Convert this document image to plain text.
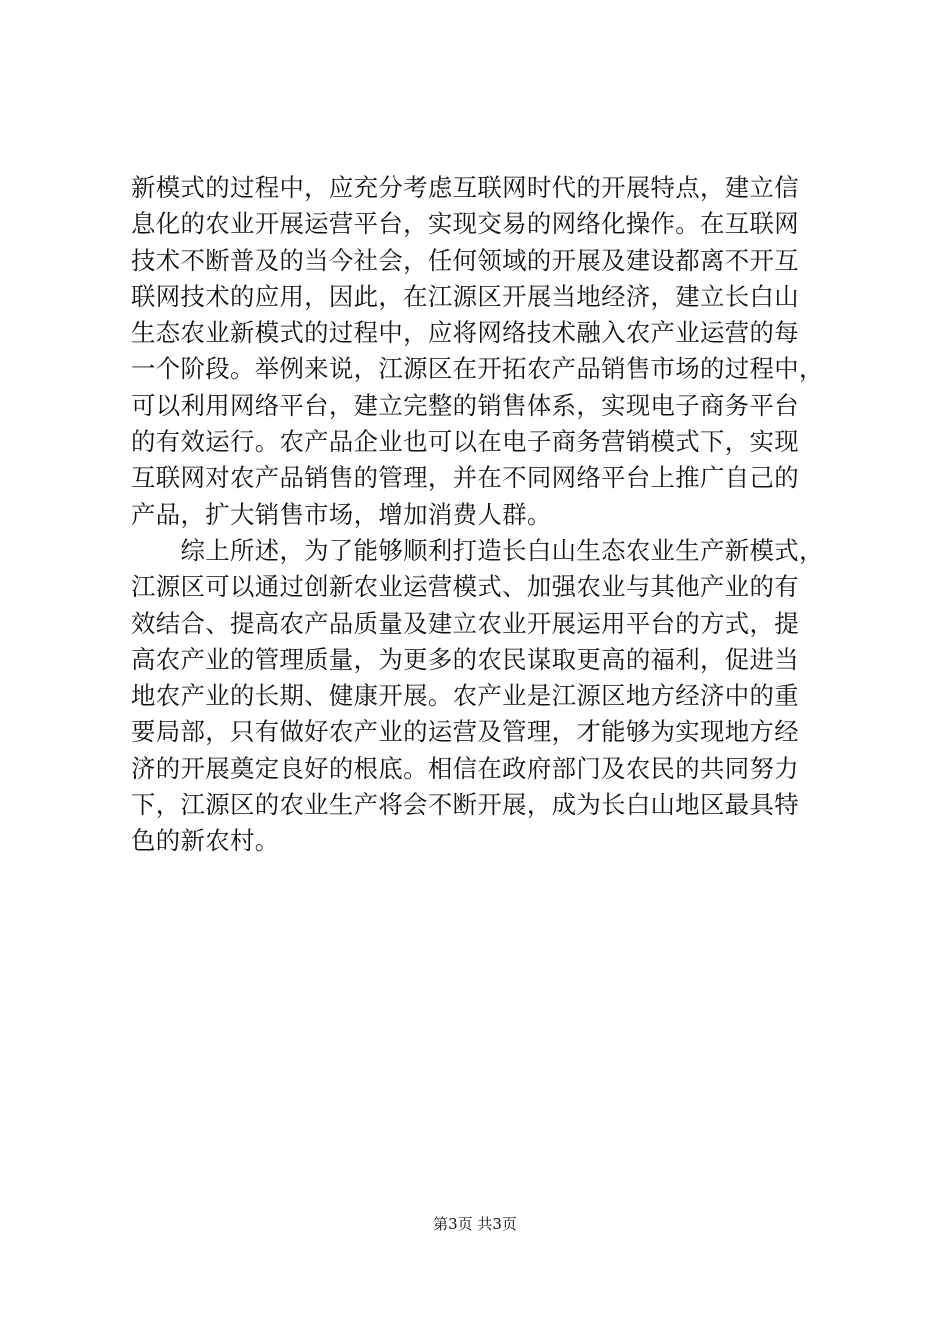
新模式的过程中，应充分考虑互联网时代的开展特点，建立信
息化的农业开展运营平台，实现交易的网络化操作。在互联网
技术不断普及的当今社会，任何领域的开展及建设都离不开互
联网技术的应用，因此，在江源区开展当地经济，建立长白山
生态农业新模式的过程中，应将网络技术融入农产业运营的每
一个阶段。举例来说，江源区在开拓农产品销售市场的过程中，
可以利用网络平台，建立完整的销售体系，实现电子商务平台
的有效运行。农产品企业也可以在电子商务营销模式下，实现
互联网对农产品销售的管理，并在不同网络平台上推广自己的
产品，扩大销售市场，增加消费人群。
　　综上所述，为了能够顺利打造长白山生态农业生产新模式，
江源区可以通过创新农业运营模式、加强农业与其他产业的有
效结合、提高农产品质量及建立农业开展运用平台的方式，提
高农产业的管理质量，为更多的农民谋取更高的福利，促进当
地农产业的长期、健康开展。农产业是江源区地方经济中的重
要局部，只有做好农产业的运营及管理，才能够为实现地方经
济的开展奠定良好的根底。相信在政府部门及农民的共同努力
下，江源区的农业生产将会不断开展，成为长白山地区最具特
色的新农村。
第3页 共3页
